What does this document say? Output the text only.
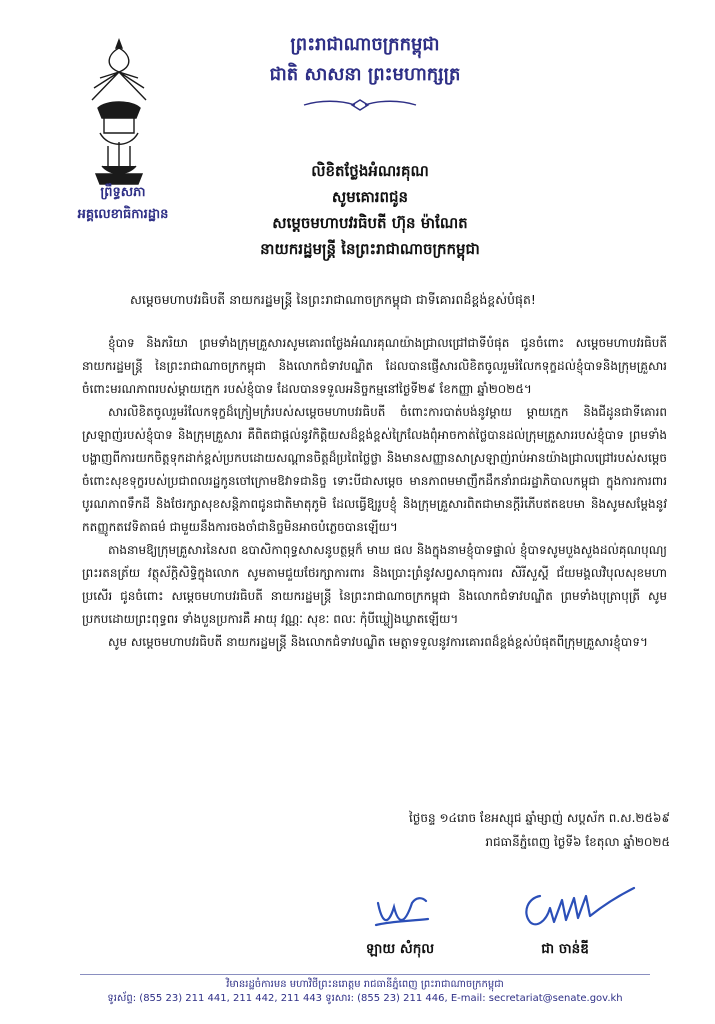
ព្រឹទ្ធសភា
អគ្គលេខាធិការដ្ឋាន
ព្រះរាជាណាចក្រកម្ពុជា
ជាតិ សាសនា ព្រះមហាក្សត្រ
លិខិតថ្លែងអំណរគុណ
សូមគោរពជូន
សម្ដេចមហាបវរធិបតី ហ៊ុន ម៉ាណែត
នាយករដ្ឋមន្ត្រី នៃព្រះរាជាណាចក្រកម្ពុជា
សម្ដេចមហាបវរធិបតី នាយករដ្ឋមន្ត្រី នៃព្រះរាជាណាចក្រកម្ពុជា ជាទីគោរពដ៏ខ្ពង់ខ្ពស់បំផុត!

ខ្ញុំបាទ និងភរិយា ព្រមទាំងក្រុមគ្រួសារសូមគោរពថ្លែងអំណរគុណយ៉ាងជ្រាលជ្រៅជាទីបំផុត ជូនចំពោះ សម្ដេចមហាបវរធិបតី នាយករដ្ឋមន្ត្រី នៃព្រះរាជាណាចក្រកម្ពុជា និងលោកជំទាវបណ្ឌិត ដែលបានផ្ញើសារលិខិតចូលរួមរំលែកទុក្ខដល់ខ្ញុំបាទនិងក្រុមគ្រួសារ ចំពោះមរណភាពរបស់ម្ដាយក្មេក របស់ខ្ញុំបាទ ដែលបានទទួលអនិច្ចកម្មនៅថ្ងៃទី២៩ ខែកញ្ញា ឆ្នាំ២០២៥។

សារលិខិតចូលរួមរំលែកទុក្ខដ៏ក្រៀមក្រំរបស់សម្ដេចមហាបវរធិបតី ចំពោះការបាត់បង់នូវម្ដាយ ម្ដាយក្មេក និងជីដូនជាទីគោរពស្រឡាញ់របស់ខ្ញុំបាទ និងក្រុមគ្រួសារ គឺពិតជាផ្ដល់នូវកិត្តិយសដ៏ខ្ពង់ខ្ពស់ក្រៃលែងពុំអាចកាត់ថ្លៃបានដល់ក្រុមគ្រួសាររបស់ខ្ញុំបាទ ព្រមទាំងបង្ហាញពីការយកចិត្តទុកដាក់ខ្ពស់ប្រកបដោយសណ្ដានចិត្តដ៏ប្រពៃថ្លៃថ្លា និងមានសញ្ញានសាស្រឡាញ់រាប់អានយ៉ាងជ្រាលជ្រៅរបស់សម្ដេច ចំពោះសុខទុក្ខរបស់ប្រជាពលរដ្ឋកូនចៅក្រោមឱវាទជានិច្ច ទោះបីជាសម្ដេច មានភាពមមាញឹកដឹកនាំរាជរដ្ឋាភិបាលកម្ពុជា ក្នុងការការពារបូរណភាពទឹកដី និងថែរក្សាសុខសន្តិភាពជូនជាតិមាតុភូមិ ដែលធ្វើឱ្យរូបខ្ញុំ និងក្រុមគ្រួសារពិតជាមានក្ដីរំភើបឥតឧបមា និងសូមសម្ដែងនូវកតញ្ញូកតវេទិតាធម៌ ជាមួយនឹងការចងចាំជានិច្ចមិនអាចបំភ្លេចបានឡើយ។

តាងនាមឱ្យក្រុមគ្រួសារនៃសព ឧបាសិកាពុទ្ធសាសនូបត្ថម្ភក៏ មាឃ ផល និងក្នុងនាមខ្ញុំបាទផ្ទាល់ ខ្ញុំបាទសូមបួងសួងដល់គុណបុណ្យព្រះរតនត្រ័យ វត្ថុស័ក្ដិសិទ្ធិក្នុងលោក សូមតាមជួយថែរក្សាការពារ និងប្រោះព្រំនូវសព្វសាធុការពរ សិរីសួស្ដី ជ័យមង្គលវិបុលសុខមហាប្រសើរ ជូនចំពោះ សម្ដេចមហាបវរធិបតី នាយករដ្ឋមន្ត្រី នៃព្រះរាជាណាចក្រកម្ពុជា និងលោកជំទាវបណ្ឌិត ព្រមទាំងបុត្រាបុត្រី សូមប្រកបដោយព្រះពុទ្ធពរ ទាំងបួនប្រការគឺ អាយុ វណ្ណៈ សុខៈ ពលៈ កុំបីឃ្លៀងឃ្លាតឡើយ។

សូម សម្ដេចមហាបវរធិបតី នាយករដ្ឋមន្ត្រី និងលោកជំទាវបណ្ឌិត មេត្តាទទួលនូវការគោរពដ៏ខ្ពង់ខ្ពស់បំផុតពីក្រុមគ្រួសារខ្ញុំបាទ។

ថ្ងៃចន្ទ ១៤រោច ខែអស្សុជ ឆ្នាំម្សាញ់ សប្តស័ក ព.ស.២៥៦៩
រាជធានីភ្នំពេញ ថ្ងៃទី៦ ខែតុលា ឆ្នាំ២០២៥
ឡាយ សំកុល	ជា ចាន់ឌី
វិមានរដ្ឋចំការមន មហាវិថីព្រះនរោត្តម រាជធានីភ្នំពេញ ព្រះរាជាណាចក្រកម្ពុជា
ទូរស័ព្ទ: (855 23) 211 441, 211 442, 211 443 ទូរសារ: (855 23) 211 446, E-mail: secretariat@senate.gov.kh
